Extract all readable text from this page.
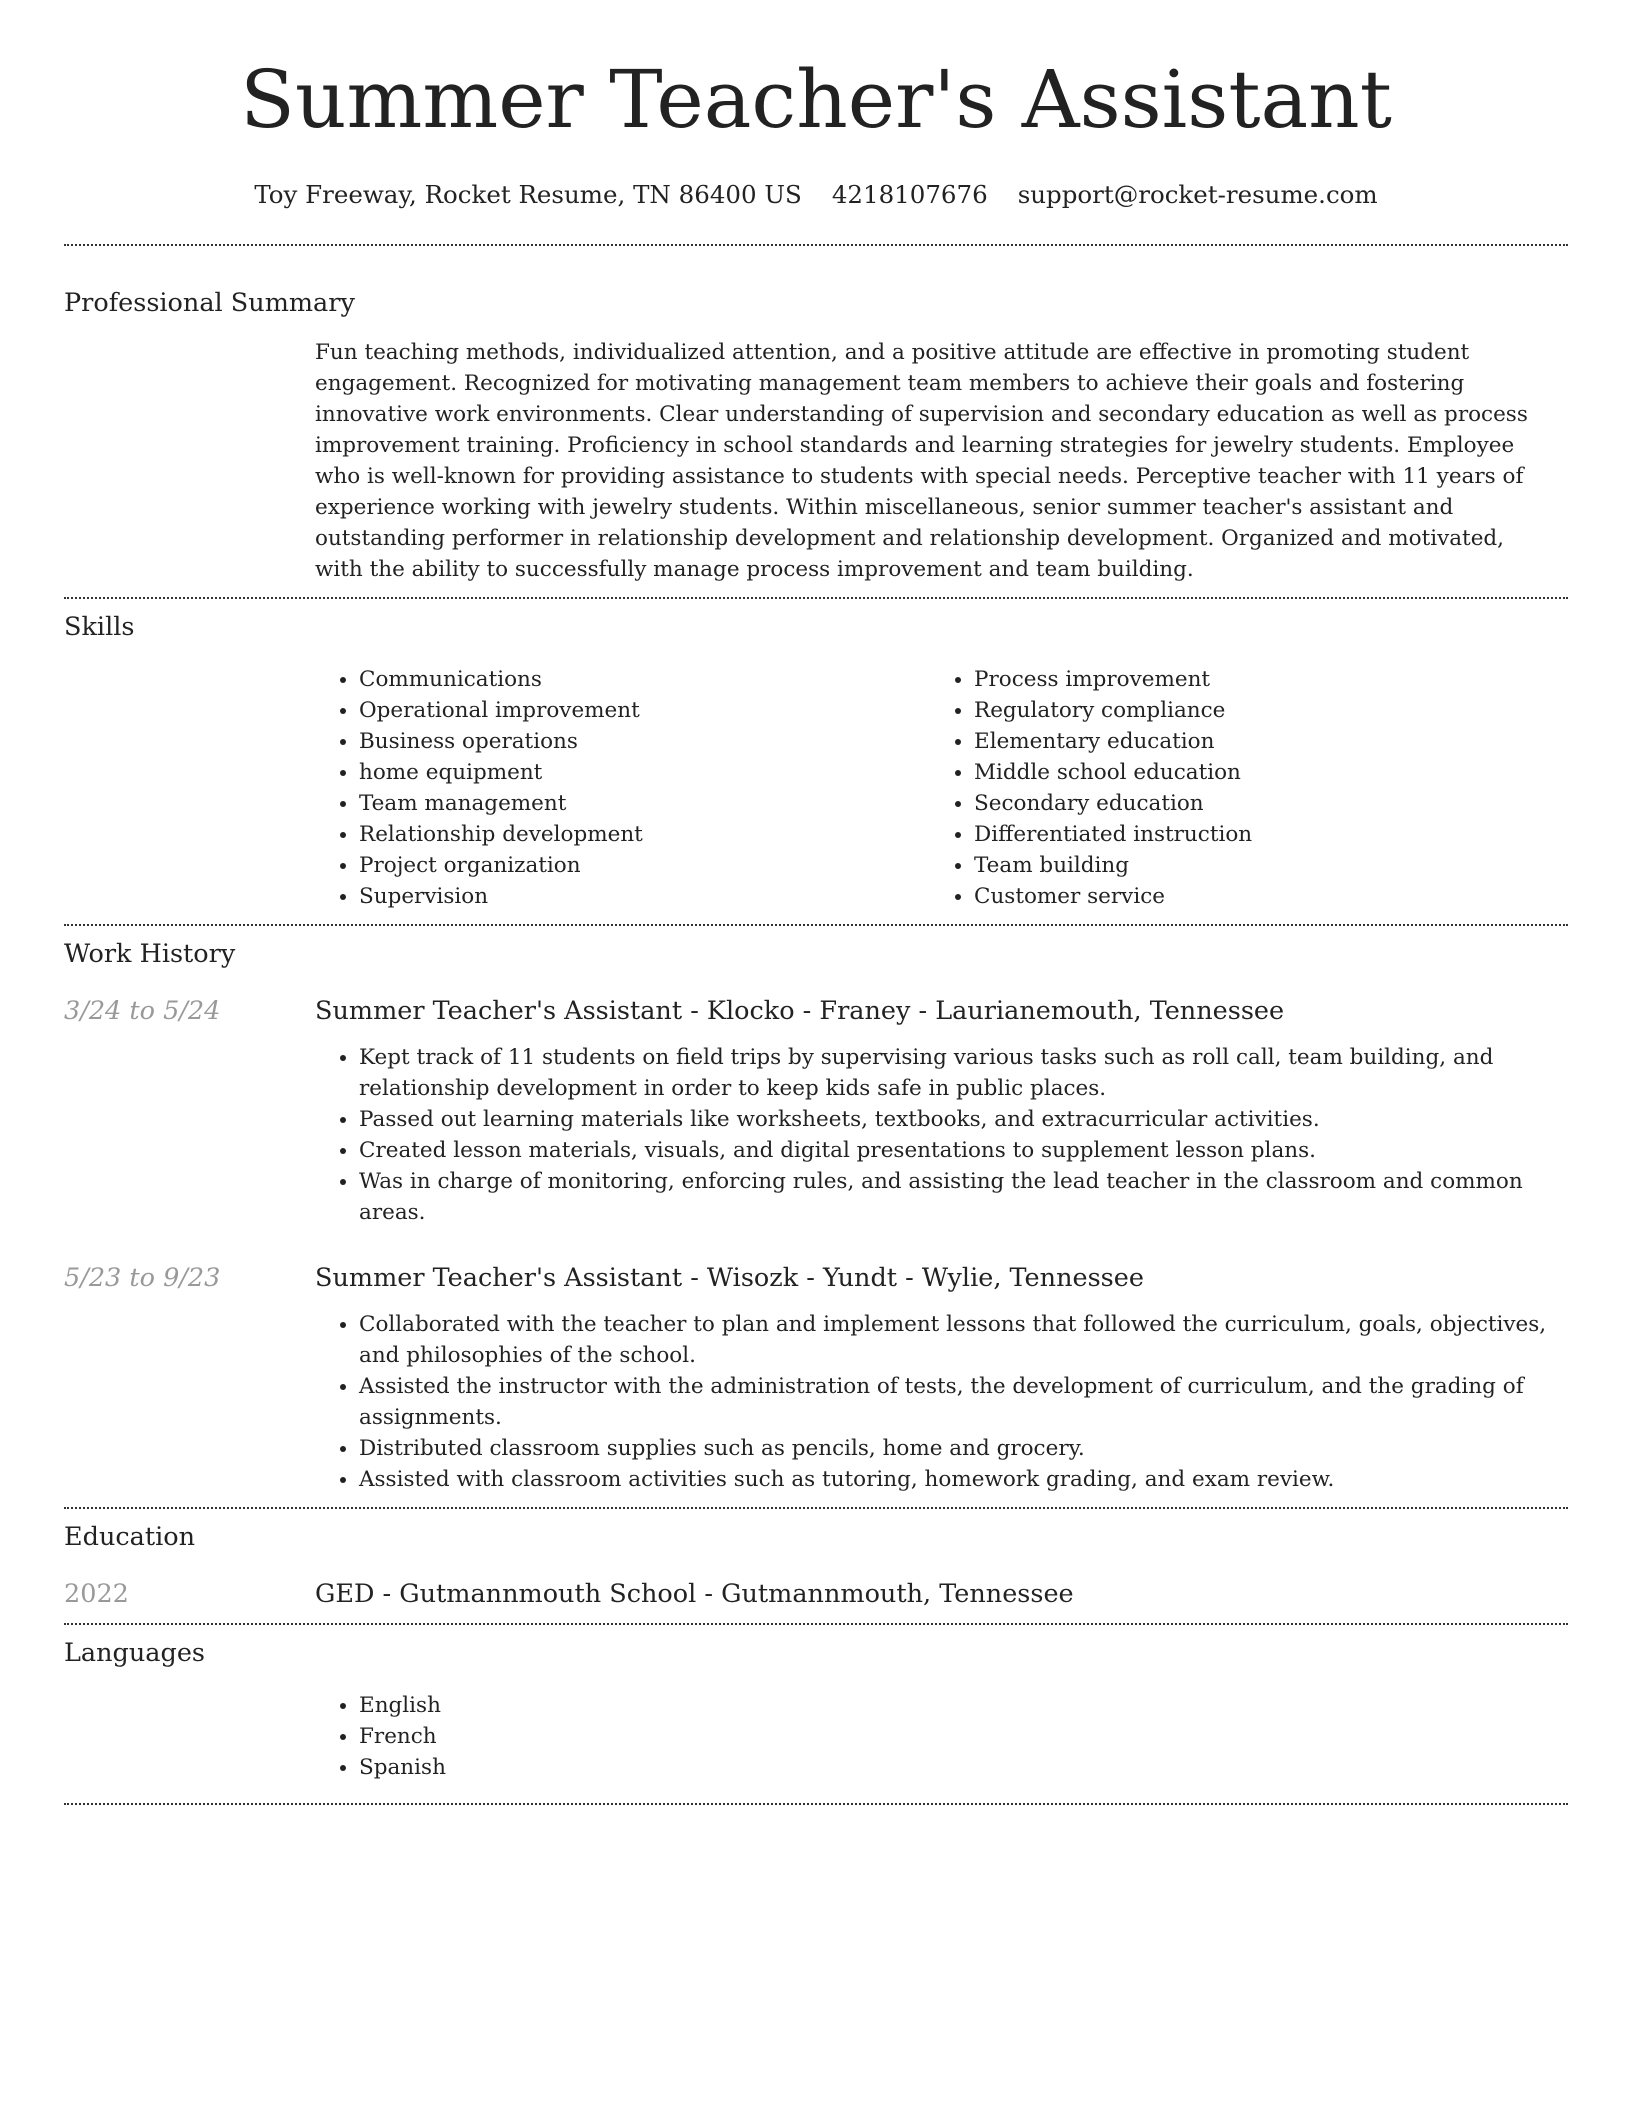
Summer Teacher's Assistant
Toy Freeway, Rocket Resume, TN 86400 US 4218107676 support@rocket-resume.com
Professional Summary

Fun teaching methods, individualized attention, and a positive attitude are effective in promoting student engagement. Recognized for motivating management team members to achieve their goals and fostering innovative work environments. Clear understanding of supervision and secondary education as well as process improvement training. Proficiency in school standards and learning strategies for jewelry students. Employee who is well-known for providing assistance to students with special needs. Perceptive teacher with 11 years of experience working with jewelry students. Within miscellaneous, senior summer teacher's assistant and outstanding performer in relationship development and relationship development. Organized and motivated, with the ability to successfully manage process improvement and team building.

Skills
• Communications
• Operational improvement
• Business operations
• home equipment
• Team management
• Relationship development
• Project organization
• Supervision
• Process improvement
• Regulatory compliance
• Elementary education
• Middle school education
• Secondary education
• Differentiated instruction
• Team building
• Customer service
Work History
3/24 to 5/24	Summer Teacher's Assistant - Klocko - Franey - Laurianemouth, Tennessee
• Kept track of 11 students on field trips by supervising various tasks such as roll call, team building, and relationship development in order to keep kids safe in public places.
• Passed out learning materials like worksheets, textbooks, and extracurricular activities.
• Created lesson materials, visuals, and digital presentations to supplement lesson plans.
• Was in charge of monitoring, enforcing rules, and assisting the lead teacher in the classroom and common areas.
5/23 to 9/23	Summer Teacher's Assistant - Wisozk - Yundt - Wylie, Tennessee
• Collaborated with the teacher to plan and implement lessons that followed the curriculum, goals, objectives, and philosophies of the school.
• Assisted the instructor with the administration of tests, the development of curriculum, and the grading of assignments.
• Distributed classroom supplies such as pencils, home and grocery.
• Assisted with classroom activities such as tutoring, homework grading, and exam review.
Education
2022	GED - Gutmannmouth School - Gutmannmouth, Tennessee
Languages
• English
• French
• Spanish
